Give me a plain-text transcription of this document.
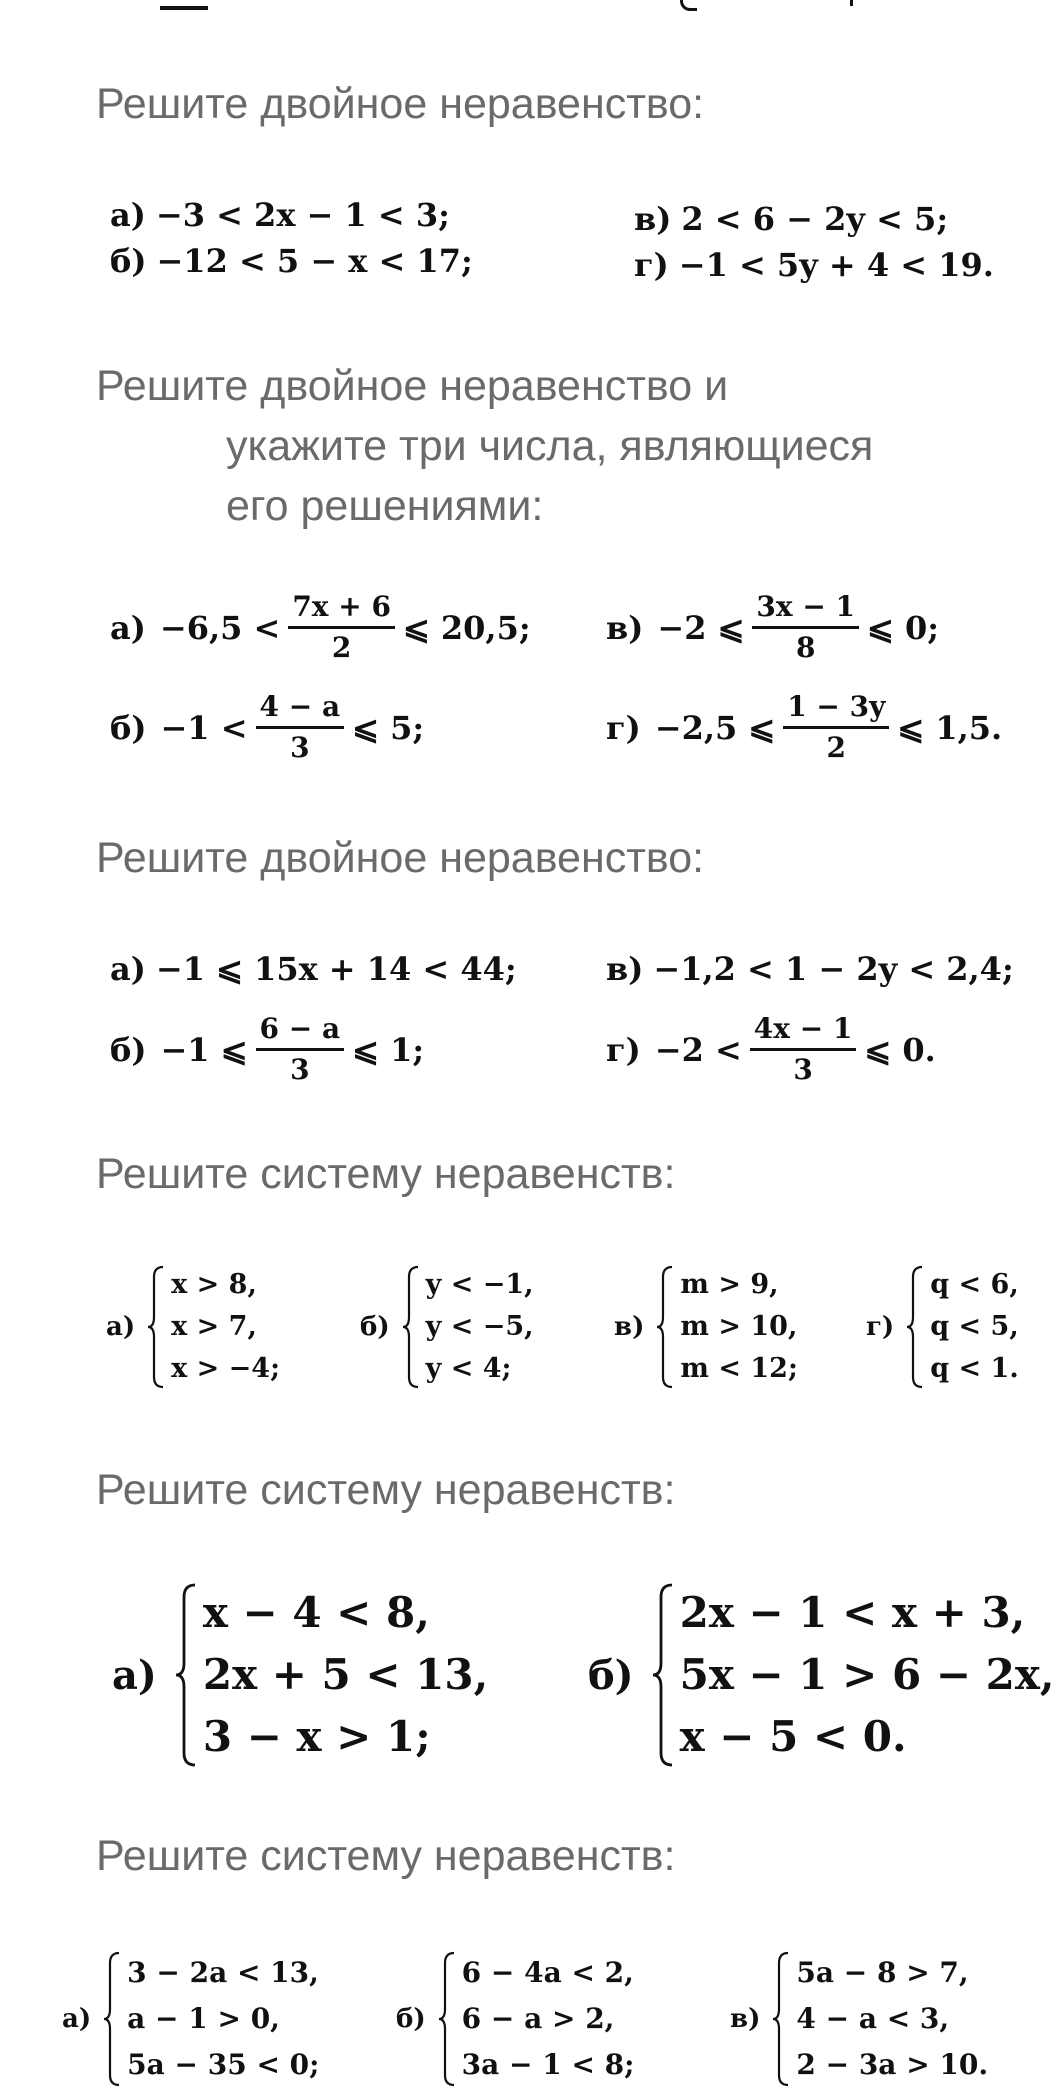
Решите двойное неравенство:
а) −3 < 2x − 1 < 3;
б) −12 < 5 − x < 17;
в) 2 < 6 − 2y < 5;
г) −1 < 5y + 4 < 19.
Решите двойное неравенство и
укажите три числа, являющиеся
его решениями:
$а) -6,5 < \frac{7x + 6}{2}$ ⩽ 20,5; в) −2 ⩽ $\frac{3x - 1}{8}$ ⩽ 0;
$б) -1 < \frac{4 - a}{3}$ ⩽ 5;	г) −2,5 ⩽ $\frac{1 - 3y}{2}$ ⩽ 1,5.
Решите двойное неравенство:
а) −1 ⩽ 15x + 14 < 44;	в) −1,2 < 1 − 2y < 2,4;
б) −1 ⩽ $\frac{6 - a}{3}$ ⩽ 1;	$г) -2 < \frac{4x - 1}{3}$ ⩽ 0.
Решите систему неравенств:
а)
x > 8,
x > 7,
x > −4;
б)
y < −1,
y < −5,
y < 4;
в)
m > 9,
m > 10,
m < 12;
г)
q < 6,
q < 5,
q < 1.
Решите систему неравенств:
а)
x − 4 < 8,
2x + 5 < 13,
3 − x > 1;
б)
2x − 1 < x + 3,
5x − 1 > 6 − 2x,
x − 5 < 0.
Решите систему неравенств:
а)
3 − 2a < 13,
a − 1 > 0,
5a − 35 < 0;
б)
6 − 4a < 2,
6 − a > 2,
3a − 1 < 8;
в)
5a − 8 > 7,
4 − a < 3,
2 − 3a > 10.
